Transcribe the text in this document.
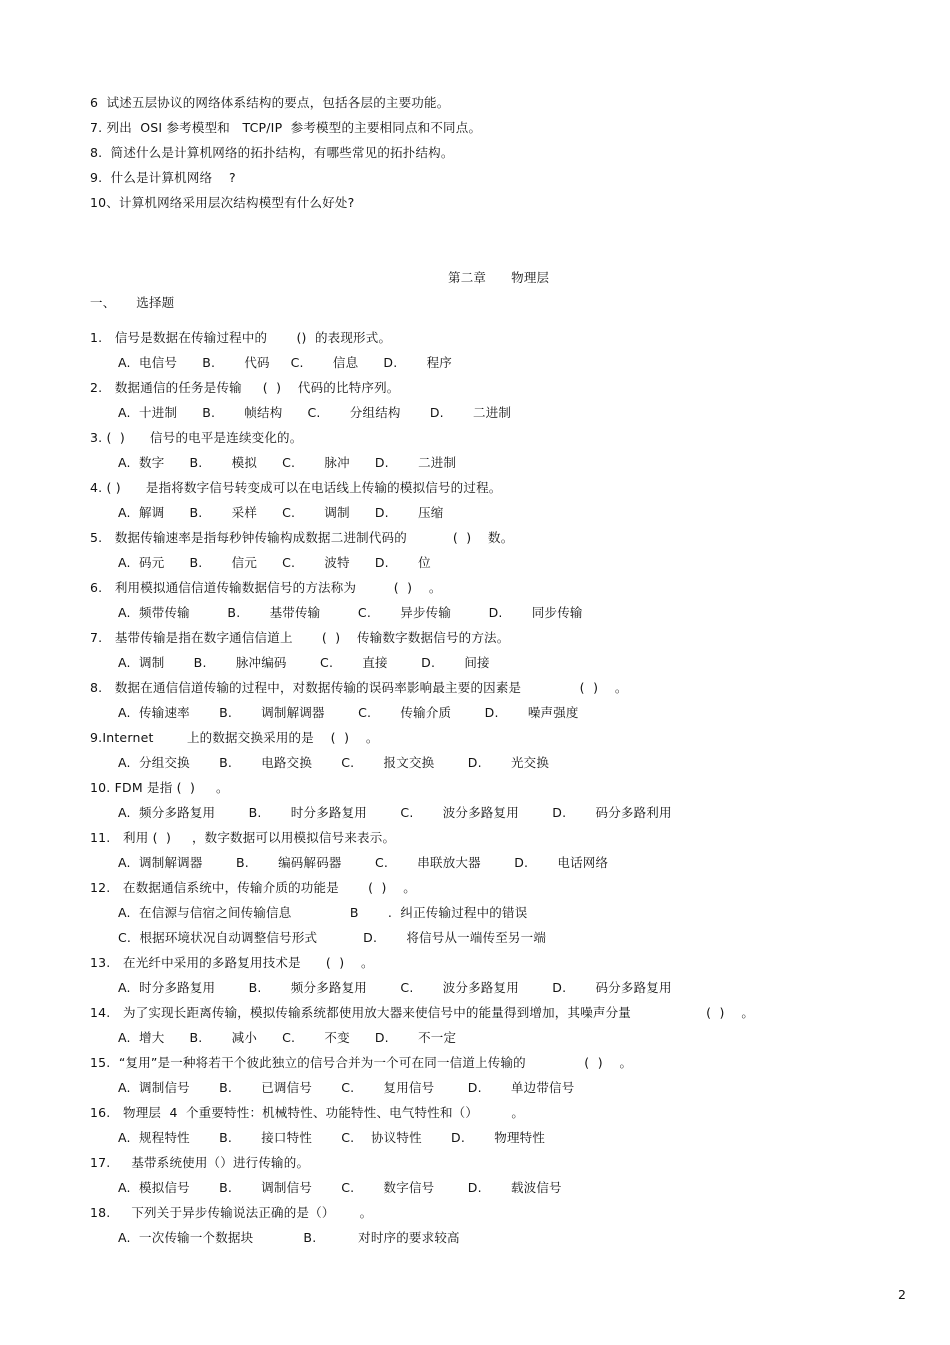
6  试述五层协议的网络体系结构的要点，包括各层的主要功能。
7. 列出  OSI 参考模型和   TCP/IP  参考模型的主要相同点和不同点。
8.  简述什么是计算机网络的拓扑结构，有哪些常见的拓扑结构。
9.  什么是计算机网络    ?
10、计算机网络采用层次结构模型有什么好处?
第二章      物理层
一、     选择题
1.   信号是数据在传输过程中的       ()  的表现形式。
A.  电信号      B.       代码     C.       信息      D.       程序
2.   数据通信的任务是传输     (  )    代码的比特序列。
A.  十进制      B.       帧结构      C.       分组结构       D.       二进制
3. (  )      信号的电平是连续变化的。
A.  数字      B.       模拟      C.       脉冲      D.       二进制
4. ( )      是指将数字信号转变成可以在电话线上传输的模拟信号的过程。
A.  解调      B.       采样      C.       调制      D.       压缩
5.   数据传输速率是指每秒钟传输构成数据二进制代码的           (  )    数。
A.  码元      B.       信元      C.       波特      D.       位
6.   利用模拟通信信道传输数据信号的方法称为         (  )    。
A.  频带传输         B.       基带传输         C.       异步传输         D.       同步传输
7.   基带传输是指在数字通信信道上       (  )    传输数字数据信号的方法。
A.  调制       B.       脉冲编码        C.       直接        D.       间接
8.   数据在通信信道传输的过程中，对数据传输的误码率影响最主要的因素是              (  )    。
A.  传输速率       B.       调制解调器        C.       传输介质        D.       噪声强度
9.Internet        上的数据交换采用的是    (  )    。
A.  分组交换       B.       电路交换       C.       报文交换        D.       光交换
10. FDM 是指 (  )     。
A.  频分多路复用        B.       时分多路复用        C.       波分多路复用        D.       码分多路利用
11.   利用 (  )     ，数字数据可以用模拟信号来表示。
A.  调制解调器        B.       编码解码器        C.       串联放大器        D.       电话网络
12.   在数据通信系统中，传输介质的功能是       (  )    。
A.  在信源与信宿之间传输信息              B       .  纠正传输过程中的错误
C.  根据环境状况自动调整信号形式           D.       将信号从一端传至另一端
13.   在光纤中采用的多路复用技术是      (  )    。
A.  时分多路复用        B.       频分多路复用        C.       波分多路复用        D.       码分多路复用
14.   为了实现长距离传输，模拟传输系统都使用放大器来使信号中的能量得到增加，其噪声分量                  (  )    。
A.  增大      B.       减小      C.       不变      D.       不一定
15.  “复用”是一种将若干个彼此独立的信号合并为一个可在同一信道上传输的              (  )    。
A.  调制信号       B.       已调信号       C.       复用信号        D.       单边带信号
16.   物理层  4  个重要特性：机械特性、功能特性、电气特性和（）        。
A.  规程特性       B.       接口特性       C.    协议特性       D.       物理特性
17.     基带系统使用（）进行传输的。
A.  模拟信号       B.       调制信号       C.       数字信号        D.       载波信号
18.     下列关于异步传输说法正确的是（）      。
A.  一次传输一个数据块            B.          对时序的要求较高
2
